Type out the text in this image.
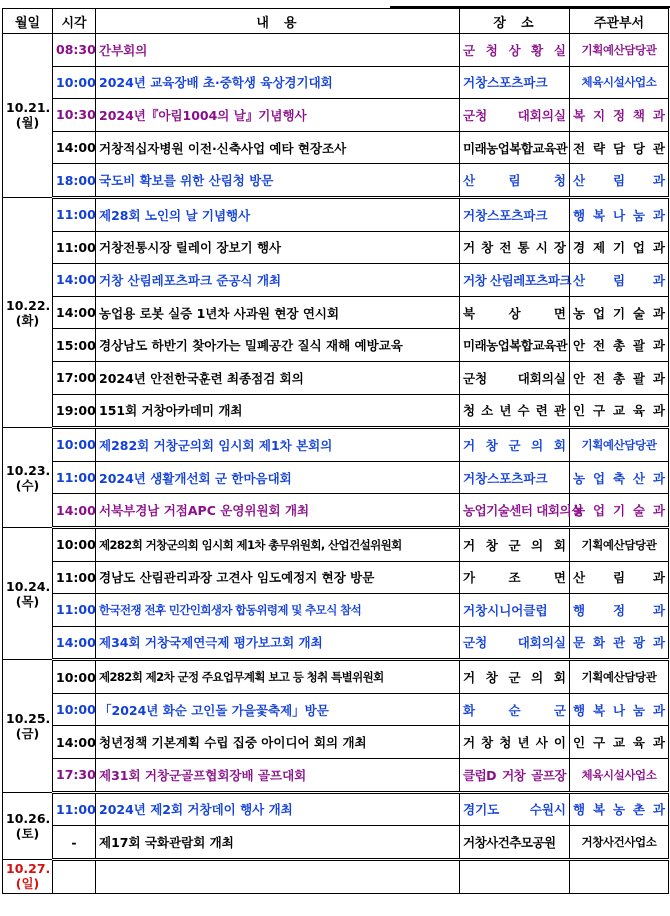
월일	시각	내  용	장  소	주관부서
10.21.
(월)	08:30	간부회의	군 청 상 황 실	기획예산담당관
	10:00	2024년 교육장배 초·중학생 육상경기대회	거창스포츠파크	체육시설사업소
	10:30	2024년『아림1004의 날』기념행사	군청 대회의실	복 지 정 책 과
	14:00	거창적십자병원 이전·신축사업 예타 현장조사	미래농업복합교육관	전 략 담 당 관
	18:00	국도비 확보를 위한 산림청 방문	산 림 청	산 림 과
10.22.
(화)	11:00	제28회 노인의 날 기념행사	거창스포츠파크	행 복 나 눔 과
	11:00	거창전통시장 릴레이 장보기 행사	거 창 전 통 시 장	경 제 기 업 과
	14:00	거창 산림레포츠파크 준공식 개최	거창 산림레포츠파크	산 림 과
	14:00	농업용 로봇 실증 1년차 사과원 현장 연시회	북 상 면	농 업 기 술 과
	15:00	경상남도 하반기 찾아가는 밀폐공간 질식 재해 예방교육	미래농업복합교육관	안 전 총 괄 과
	17:00	2024년 안전한국훈련 최종점검 회의	군청 대회의실	안 전 총 괄 과
	19:00	151회 거창아카데미 개최	청 소 년 수 련 관	인 구 교 육 과
10.23.
(수)	10:00	제282회 거창군의회 임시회 제1차 본회의	거 창 군 의 회	기획예산담당관
	11:00	2024년 생활개선회 군 한마음대회	거창스포츠파크	농 업 축 산 과
	14:00	서북부경남 거점APC 운영위원회 개최	농업기술센터 대회의실	농 업 기 술 과
10.24.
(목)	10:00	제282회 거창군의회 임시회 제1차 총무위원회, 산업건설위원회	거 창 군 의 회	기획예산담당관
	11:00	경남도 산림관리과장 고견사 임도예정지 현장 방문	가 조 면	산 림 과
	11:00	한국전쟁 전후 민간인희생자 합동위령제 및 추모식 참석	거창시니어클럽	행 정 과
	14:00	제34회 거창국제연극제 평가보고회 개최	군청 대회의실	문 화 관 광 과
10.25.
(금)	10:00	제282회 제2차 군정 주요업무계획 보고 등 청취 특별위원회	거 창 군 의 회	기획예산담당관
	10:00	「2024년 화순 고인돌 가을꽃축제」방문	화 순 군	행 복 나 눔 과
	14:00	청년정책 기본계획 수립 집중 아이디어 회의 개최	거 창 청 년 사 이	인 구 교 육 과
	17:30	제31회 거창군골프협회장배 골프대회	클럽D 거창 골프장	체육시설사업소
10.26.
(토)	11:00	2024년 제2회 거창데이 행사 개최	경기도 수원시	행 복 농 촌 과
	-	제17회 국화관람회 개최	거창사건추모공원	거창사건사업소
10.27.
(일)				
